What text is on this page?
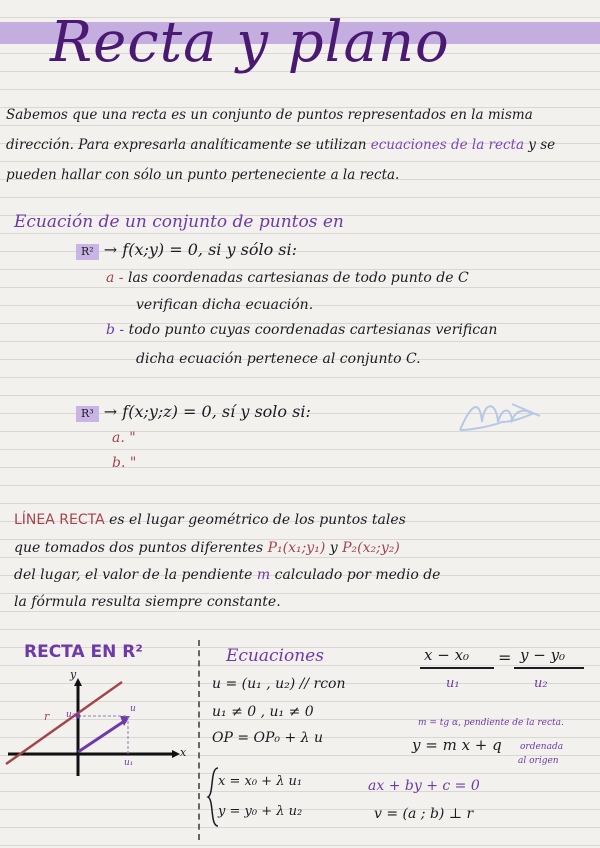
Recta y plano
Sabemos que una recta es un conjunto de puntos representados en la misma dirección. Para expresarla analíticamente se utilizan ecuaciones de la recta y se pueden hallar con sólo un punto perteneciente a la recta.
Ecuación de un conjunto de puntos en
R² → f(x;y) = 0, si y sólo si:
a - las coordenadas cartesianas de todo punto de C
verifican dicha ecuación.
b - todo punto cuyas coordenadas cartesianas verifican
dicha ecuación pertenece al conjunto C.
R³ → f(x;y;z) = 0, sí y solo si:
a. "
b. "
LÍNEA RECTA es el lugar geométrico de los puntos tales
que tomados dos puntos diferentes P₁(x₁;y₁) y P₂(x₂;y₂)
del lugar, el valor de la pendiente m calculado por medio de
la fórmula resulta siempre constante.
RECTA EN R²
y
x
r
u
u₁
u₂
Ecuaciones
u = (u₁ , u₂) // rcon
u₁ ≠ 0 , u₁ ≠ 0
OP = OP₀ + λ u
x = x₀ + λ u₁
y = y₀ + λ u₂
x − x₀ = y − y₀
u₁	u₂
m = tg α, pendiente de la recta.
y = m x + q ordenada
al origen
ax + by + c = 0
v = (a ; b) ⊥ r
